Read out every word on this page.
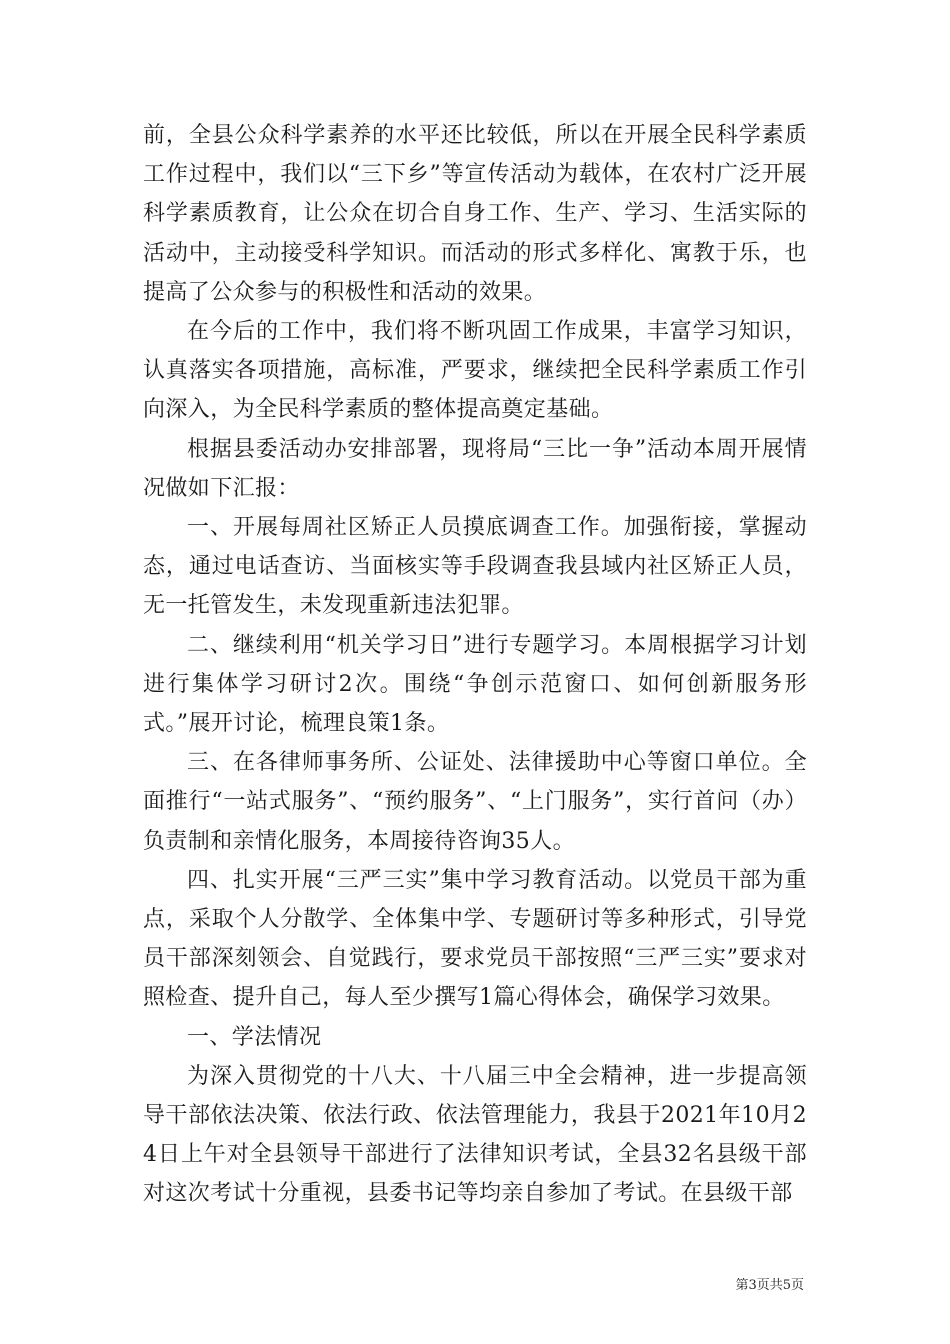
前，全县公众科学素养的水平还比较低，所以在开展全民科学素质工作过程中，我们以“三下乡”等宣传活动为载体，在农村广泛开展科学素质教育，让公众在切合自身工作、生产、学习、生活实际的活动中，主动接受科学知识。而活动的形式多样化、寓教于乐，也提高了公众参与的积极性和活动的效果。

在今后的工作中，我们将不断巩固工作成果，丰富学习知识，认真落实各项措施，高标准，严要求，继续把全民科学素质工作引向深入，为全民科学素质的整体提高奠定基础。

根据县委活动办安排部署，现将局“三比一争”活动本周开展情况做如下汇报：

一、开展每周社区矫正人员摸底调查工作。加强衔接，掌握动态，通过电话查访、当面核实等手段调查我县域内社区矫正人员，无一托管发生，未发现重新违法犯罪。

二、继续利用“机关学习日”进行专题学习。本周根据学习计划进行集体学习研讨2次。围绕“争创示范窗口、如何创新服务形式。”展开讨论，梳理良策1条。

三、在各律师事务所、公证处、法律援助中心等窗口单位。全面推行“一站式服务”、“预约服务”、“上门服务”，实行首问（办）负责制和亲情化服务，本周接待咨询35人。

四、扎实开展“三严三实”集中学习教育活动。以党员干部为重点，采取个人分散学、全体集中学、专题研讨等多种形式，引导党员干部深刻领会、自觉践行，要求党员干部按照“三严三实”要求对照检查、提升自己，每人至少撰写1篇心得体会，确保学习效果。

一、学法情况

为深入贯彻党的十八大、十八届三中全会精神，进一步提高领导干部依法决策、依法行政、依法管理能力，我县于2021年10月24日上午对全县领导干部进行了法律知识考试，全县32名县级干部对这次考试十分重视，县委书记等均亲自参加了考试。在县级干部

第3页共5页
